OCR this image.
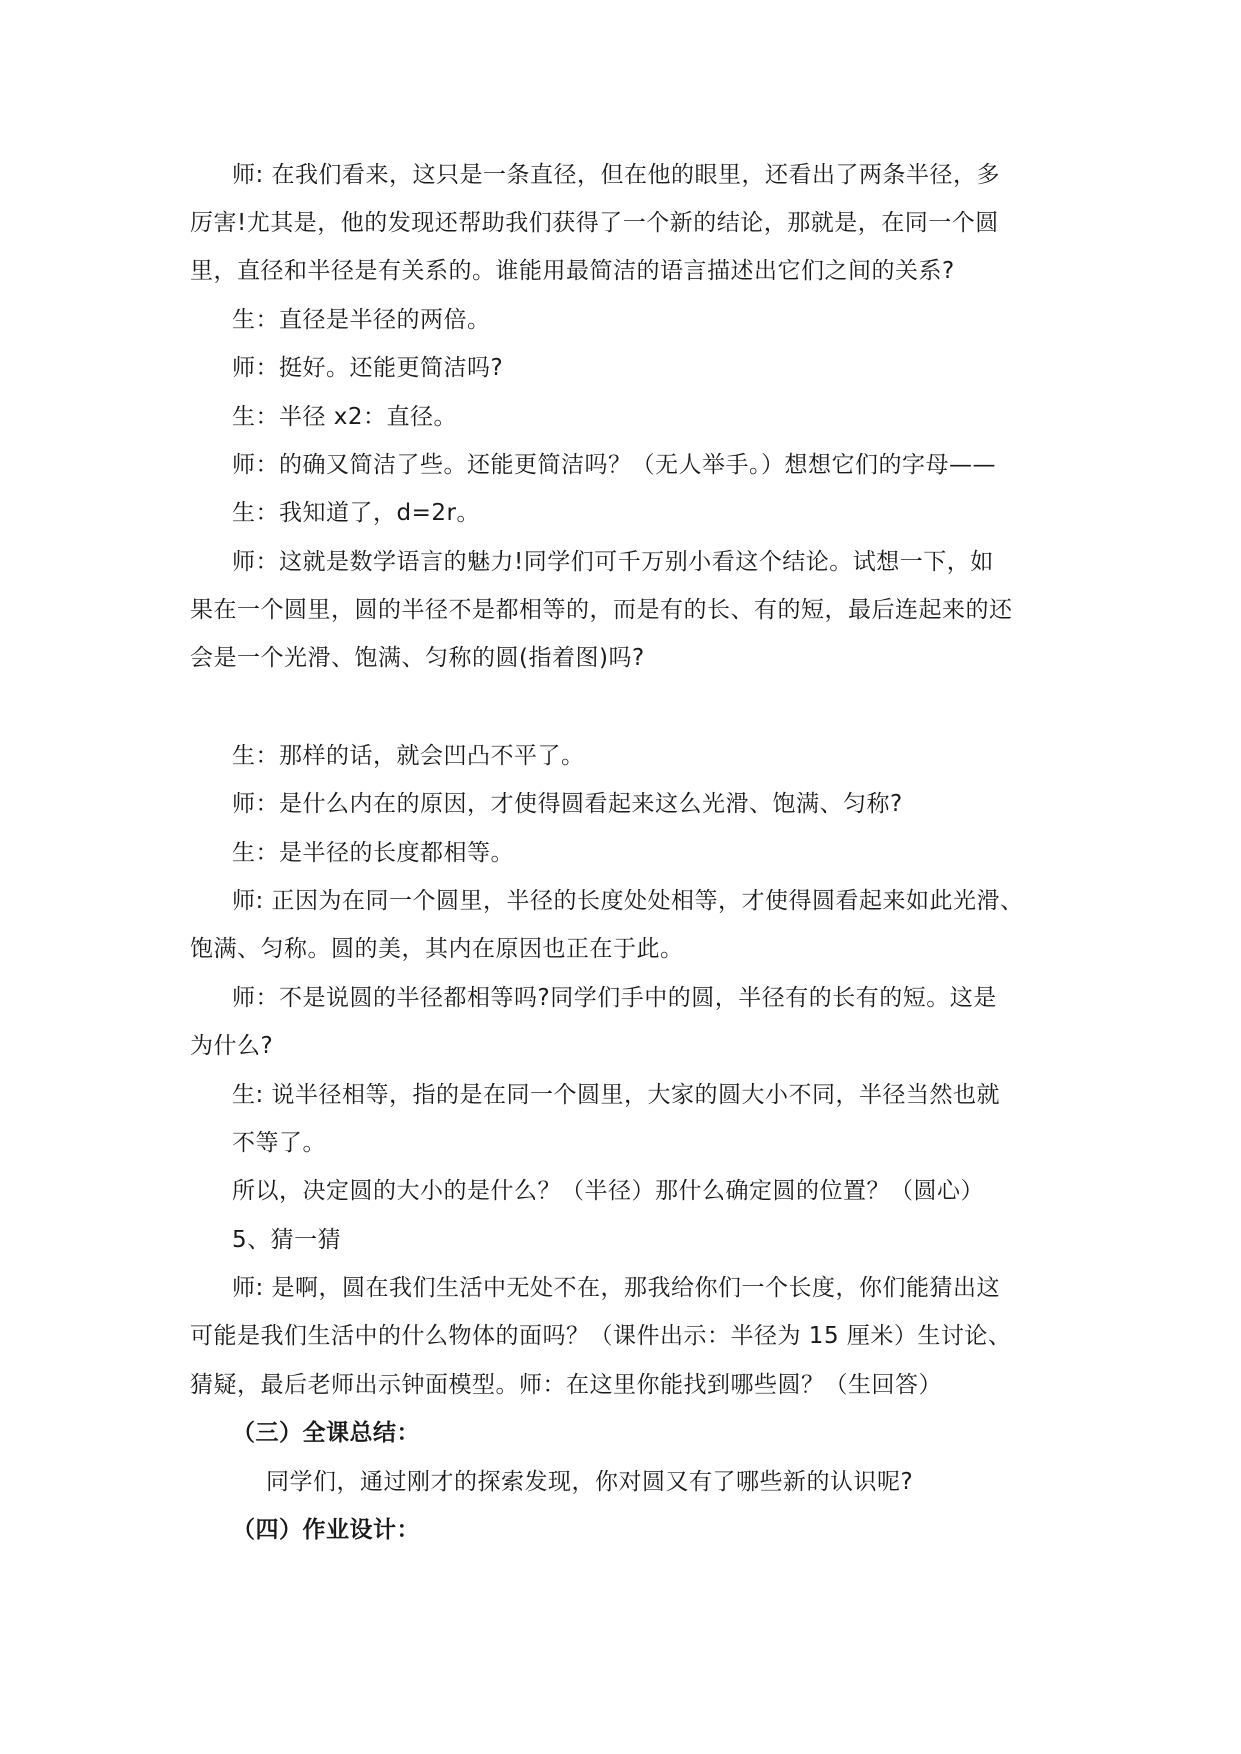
师: 在我们看来，这只是一条直径，但在他的眼里，还看出了两条半径，多
厉害!尤其是，他的发现还帮助我们获得了一个新的结论，那就是，在同一个圆
里，直径和半径是有关系的。谁能用最简洁的语言描述出它们之间的关系?
生：直径是半径的两倍。
师：挺好。还能更简洁吗?
生：半径 x2：直径。
师：的确又简洁了些。还能更简洁吗？（无人举手。）想想它们的字母——
生：我知道了，d=2r。
师：这就是数学语言的魅力!同学们可千万别小看这个结论。试想一下，如
果在一个圆里，圆的半径不是都相等的，而是有的长、有的短，最后连起来的还
会是一个光滑、饱满、匀称的圆(指着图)吗?
生：那样的话，就会凹凸不平了。
师：是什么内在的原因，才使得圆看起来这么光滑、饱满、匀称?
生：是半径的长度都相等。
师: 正因为在同一个圆里，半径的长度处处相等，才使得圆看起来如此光滑、
饱满、匀称。圆的美，其内在原因也正在于此。
师：不是说圆的半径都相等吗?同学们手中的圆，半径有的长有的短。这是
为什么?
生: 说半径相等，指的是在同一个圆里，大家的圆大小不同，半径当然也就
不等了。
所以，决定圆的大小的是什么？（半径）那什么确定圆的位置？（圆心）
5、猜一猜
师: 是啊，圆在我们生活中无处不在，那我给你们一个长度，你们能猜出这
可能是我们生活中的什么物体的面吗？（课件出示：半径为 15 厘米）生讨论、
猜疑，最后老师出示钟面模型。师：在这里你能找到哪些圆？（生回答）
（三）全课总结：
同学们，通过刚才的探索发现，你对圆又有了哪些新的认识呢?
（四）作业设计：
